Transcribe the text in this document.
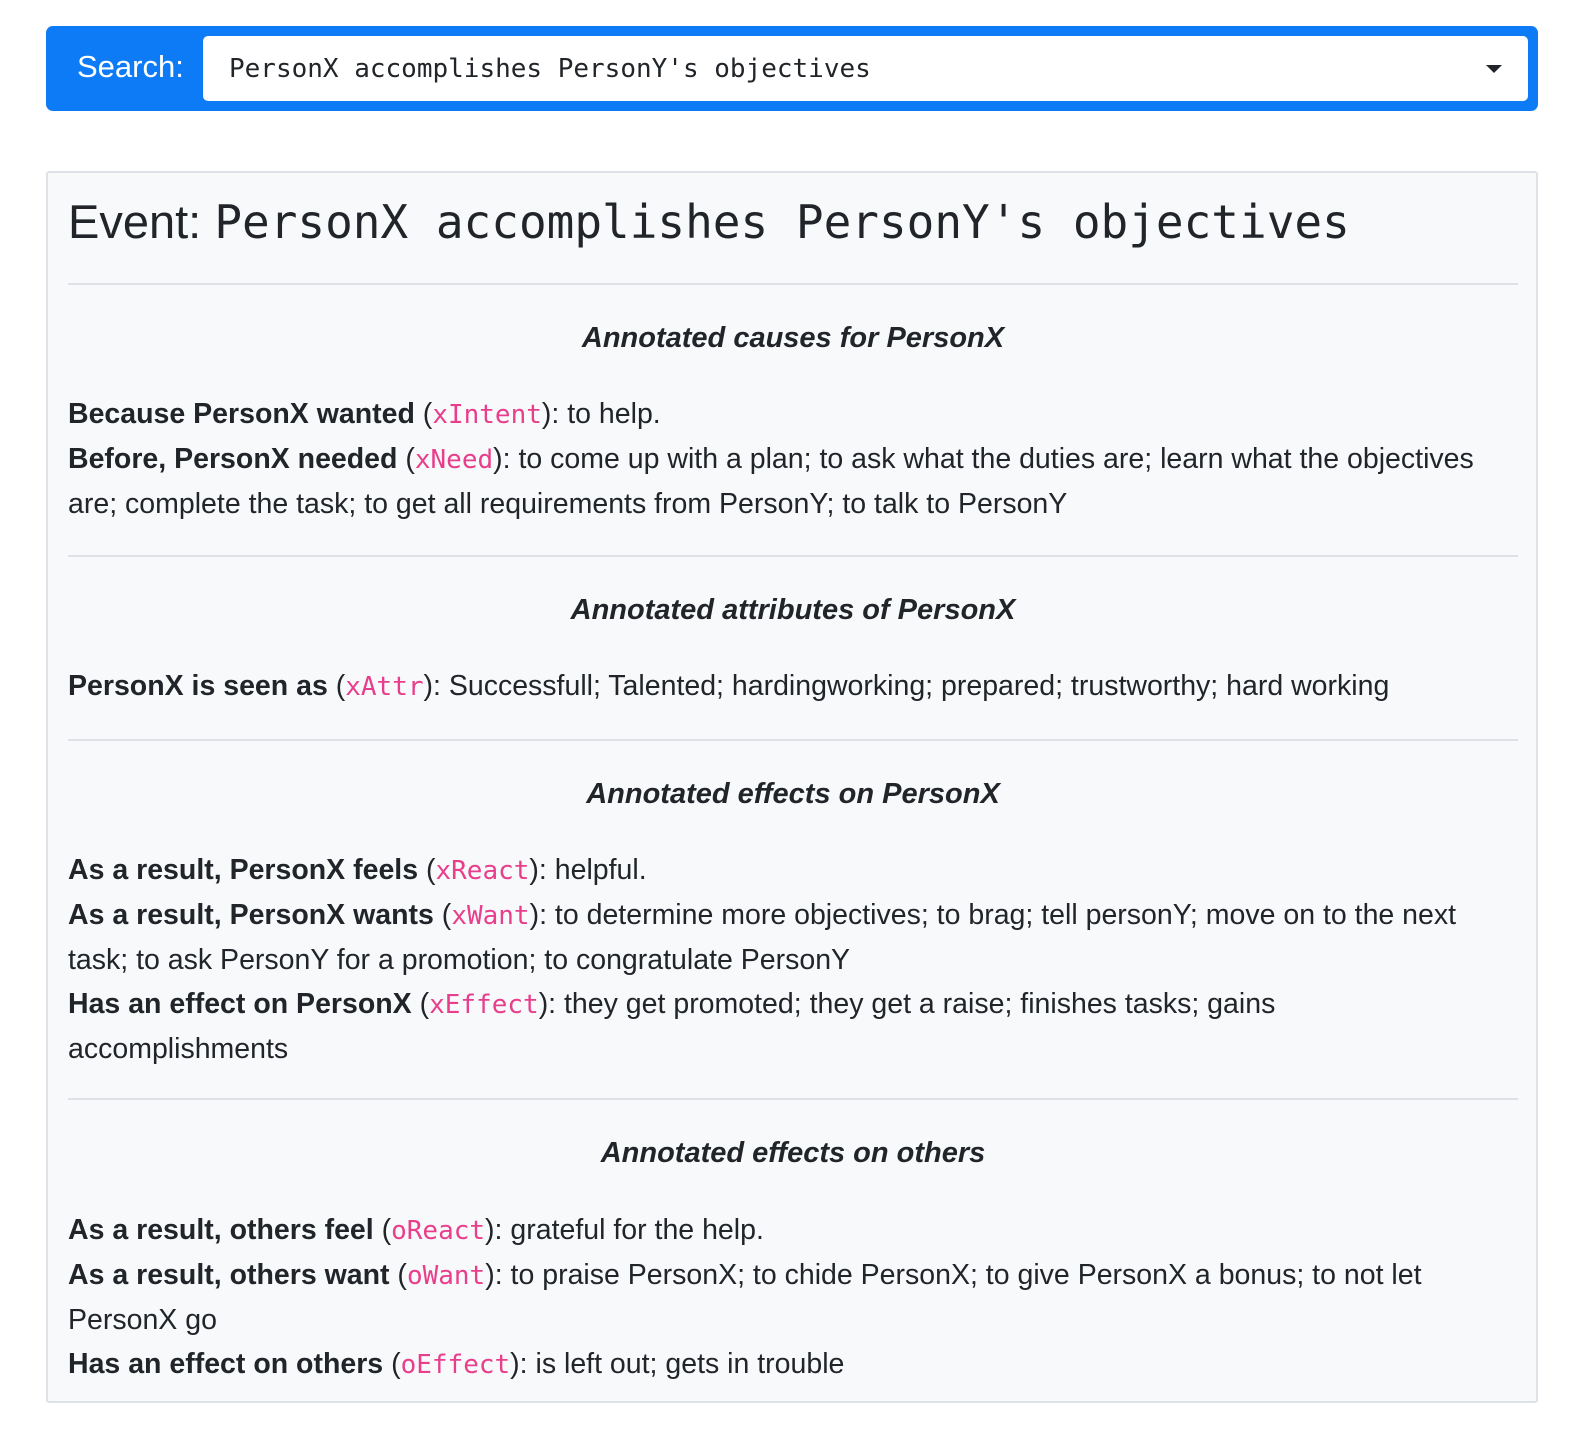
Search: PersonX accomplishes PersonY's objectives
Event: PersonX accomplishes PersonY's objectives
Annotated causes for PersonX

Because PersonX wanted (xIntent): to help.

Before, PersonX needed (xNeed): to come up with a plan; to ask what the duties are; learn what the objectives are; complete the task; to get all requirements from PersonY; to talk to PersonY

Annotated attributes of PersonX

PersonX is seen as (xAttr): Successfull; Talented; hardingworking; prepared; trustworthy; hard working

Annotated effects on PersonX

As a result, PersonX feels (xReact): helpful.

As a result, PersonX wants (xWant): to determine more objectives; to brag; tell personY; move on to the next task; to ask PersonY for a promotion; to congratulate PersonY

Has an effect on PersonX (xEffect): they get promoted; they get a raise; finishes tasks; gains accomplishments

Annotated effects on others

As a result, others feel (oReact): grateful for the help.

As a result, others want (oWant): to praise PersonX; to chide PersonX; to give PersonX a bonus; to not let PersonX go

Has an effect on others (oEffect): is left out; gets in trouble
